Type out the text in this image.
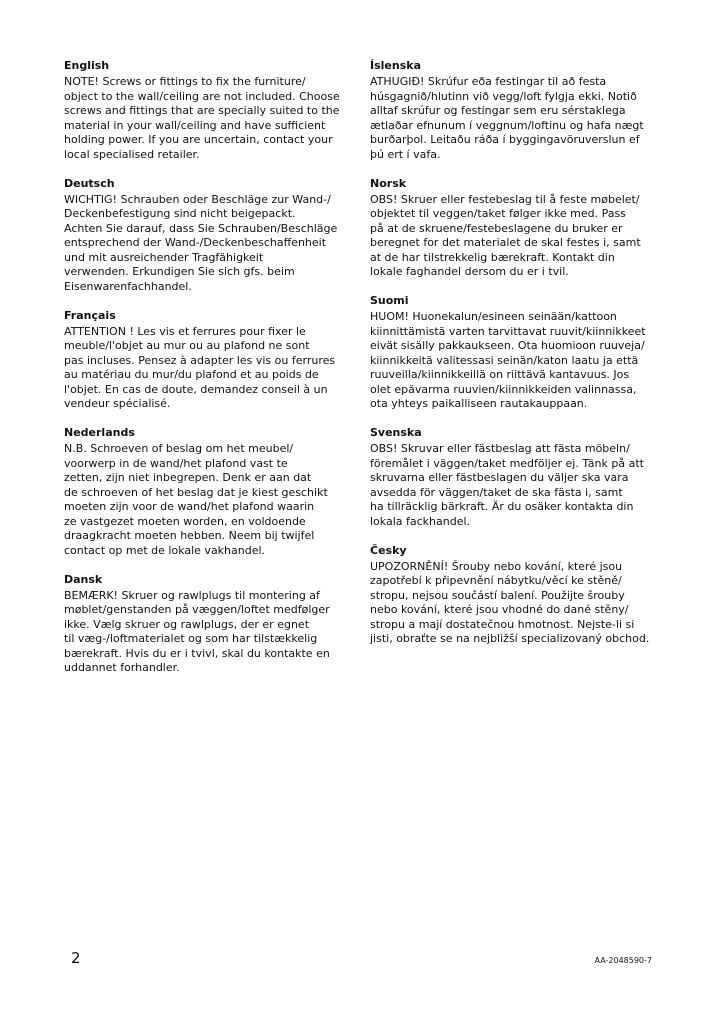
English

NOTE! Screws or fittings to fix the furniture/
object to the wall/ceiling are not included. Choose
screws and fittings that are specially suited to the
material in your wall/ceiling and have sufficient
holding power. If you are uncertain, contact your
local specialised retailer.

Deutsch

WICHTIG! Schrauben oder Beschläge zur Wand-/
Deckenbefestigung sind nicht beigepackt.
Achten Sie darauf, dass Sie Schrauben/Beschläge
entsprechend der Wand-/Deckenbeschaffenheit
und mit ausreichender Tragfähigkeit
verwenden. Erkundigen Sie sich gfs. beim
Eisenwarenfachhandel.

Français

ATTENTION ! Les vis et ferrures pour fixer le
meuble/l'objet au mur ou au plafond ne sont
pas incluses. Pensez à adapter les vis ou ferrures
au matériau du mur/du plafond et au poids de
l'objet. En cas de doute, demandez conseil à un
vendeur spécialisé.

Nederlands

N.B. Schroeven of beslag om het meubel/
voorwerp in de wand/het plafond vast te
zetten, zijn niet inbegrepen. Denk er aan dat
de schroeven of het beslag dat je kiest geschikt
moeten zijn voor de wand/het plafond waarin
ze vastgezet moeten worden, en voldoende
draagkracht moeten hebben. Neem bij twijfel
contact op met de lokale vakhandel.

Dansk

BEMÆRK! Skruer og rawlplugs til montering af
møblet/genstanden på væggen/loftet medfølger
ikke. Vælg skruer og rawlplugs, der er egnet
til væg-/loftmaterialet og som har tilstækkelig
bærekraft. Hvis du er i tvivl, skal du kontakte en
uddannet forhandler.

Íslenska

ATHUGIÐ! Skrúfur eða festingar til að festa
húsgagnið/hlutinn við vegg/loft fylgja ekki. Notið
alltaf skrúfur og festingar sem eru sérstaklega
ætlaðar efnunum í veggnum/loftinu og hafa nægt
burðarþol. Leitaðu ráða í byggingavöruverslun ef
þú ert í vafa.

Norsk

OBS! Skruer eller festebeslag til å feste møbelet/
objektet til veggen/taket følger ikke med. Pass
på at de skruene/festebeslagene du bruker er
beregnet for det materialet de skal festes i, samt
at de har tilstrekkelig bærekraft. Kontakt din
lokale faghandel dersom du er i tvil.

Suomi

HUOM! Huonekalun/esineen seinään/kattoon
kiinnittämistä varten tarvittavat ruuvit/kiinnikkeet
eivät sisälly pakkaukseen. Ota huomioon ruuveja/
kiinnikkeitä valitessasi seinän/katon laatu ja että
ruuveilla/kiinnikkeillä on riittävä kantavuus. Jos
olet epävarma ruuvien/kiinnikkeiden valinnassa,
ota yhteys paikalliseen rautakauppaan.

Svenska

OBS! Skruvar eller fästbeslag att fästa möbeln/
föremålet i väggen/taket medföljer ej. Tänk på att
skruvarna eller fästbeslagen du väljer ska vara
avsedda för väggen/taket de ska fästa i, samt
ha tillräcklig bärkraft. Är du osäker kontakta din
lokala fackhandel.

Česky

UPOZORNĚNÍ! Šrouby nebo kování, které jsou
zapotřebí k připevnění nábytku/věcí ke stěně/
stropu, nejsou součástí balení. Použijte šrouby
nebo kování, které jsou vhodné do dané stěny/
stropu a mají dostatečnou hmotnost. Nejste-li si
jisti, obraťte se na nejbližší specializovaný obchod.

2	AA-2048590-7
